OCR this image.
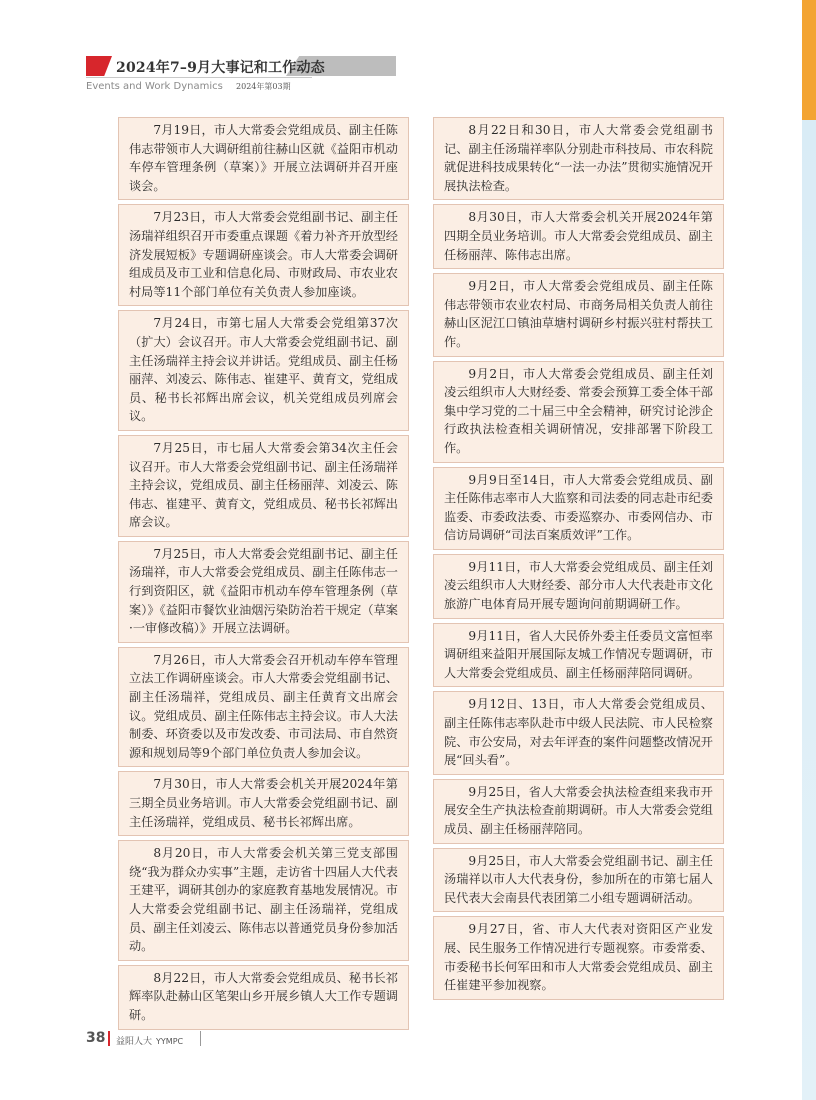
2024年7–9月大事记和工作动态
Events and Work Dynamics 2024年第03期
7月19日，市人大常委会党组成员、副主任陈伟志带领市人大调研组前往赫山区就《益阳市机动车停车管理条例（草案）》开展立法调研并召开座谈会。
7月23日，市人大常委会党组副书记、副主任汤瑞祥组织召开市委重点课题《着力补齐开放型经济发展短板》专题调研座谈会。市人大常委会调研组成员及市工业和信息化局、市财政局、市农业农村局等11个部门单位有关负责人参加座谈。
7月24日，市第七届人大常委会党组第37次（扩大）会议召开。市人大常委会党组副书记、副主任汤瑞祥主持会议并讲话。党组成员、副主任杨丽萍、刘凌云、陈伟志、崔建平、黄育文，党组成员、秘书长祁辉出席会议，机关党组成员列席会议。
7月25日，市七届人大常委会第34次主任会议召开。市人大常委会党组副书记、副主任汤瑞祥主持会议，党组成员、副主任杨丽萍、刘凌云、陈伟志、崔建平、黄育文，党组成员、秘书长祁辉出席会议。
7月25日，市人大常委会党组副书记、副主任汤瑞祥，市人大常委会党组成员、副主任陈伟志一行到资阳区，就《益阳市机动车停车管理条例（草案）》《益阳市餐饮业油烟污染防治若干规定（草案·一审修改稿）》开展立法调研。
7月26日，市人大常委会召开机动车停车管理立法工作调研座谈会。市人大常委会党组副书记、副主任汤瑞祥，党组成员、副主任黄育文出席会议。党组成员、副主任陈伟志主持会议。市人大法制委、环资委以及市发改委、市司法局、市自然资源和规划局等9个部门单位负责人参加会议。
7月30日，市人大常委会机关开展2024年第三期全员业务培训。市人大常委会党组副书记、副主任汤瑞祥，党组成员、秘书长祁辉出席。
8月20日，市人大常委会机关第三党支部围绕“我为群众办实事”主题，走访省十四届人大代表王建平，调研其创办的家庭教育基地发展情况。市人大常委会党组副书记、副主任汤瑞祥，党组成员、副主任刘凌云、陈伟志以普通党员身份参加活动。
8月22日，市人大常委会党组成员、秘书长祁辉率队赴赫山区笔架山乡开展乡镇人大工作专题调研。
8月22日和30日，市人大常委会党组副书记、副主任汤瑞祥率队分别赴市科技局、市农科院就促进科技成果转化“一法一办法”贯彻实施情况开展执法检查。
8月30日，市人大常委会机关开展2024年第四期全员业务培训。市人大常委会党组成员、副主任杨丽萍、陈伟志出席。
9月2日，市人大常委会党组成员、副主任陈伟志带领市农业农村局、市商务局相关负责人前往赫山区泥江口镇油草塘村调研乡村振兴驻村帮扶工作。
9月2日，市人大常委会党组成员、副主任刘凌云组织市人大财经委、常委会预算工委全体干部集中学习党的二十届三中全会精神，研究讨论涉企行政执法检查相关调研情况，安排部署下阶段工作。
9月9日至14日，市人大常委会党组成员、副主任陈伟志率市人大监察和司法委的同志赴市纪委监委、市委政法委、市委巡察办、市委网信办、市信访局调研“司法百案质效评”工作。
9月11日，市人大常委会党组成员、副主任刘凌云组织市人大财经委、部分市人大代表赴市文化旅游广电体育局开展专题询问前期调研工作。
9月11日，省人大民侨外委主任委员文富恒率调研组来益阳开展国际友城工作情况专题调研，市人大常委会党组成员、副主任杨丽萍陪同调研。
9月12日、13日，市人大常委会党组成员、副主任陈伟志率队赴市中级人民法院、市人民检察院、市公安局，对去年评查的案件问题整改情况开展“回头看”。
9月25日，省人大常委会执法检查组来我市开展安全生产执法检查前期调研。市人大常委会党组成员、副主任杨丽萍陪同。
9月25日，市人大常委会党组副书记、副主任汤瑞祥以市人大代表身份，参加所在的市第七届人民代表大会南县代表团第二小组专题调研活动。
9月27日，省、市人大代表对资阳区产业发展、民生服务工作情况进行专题视察。市委常委、市委秘书长何军田和市人大常委会党组成员、副主任崔建平参加视察。
38 益阳人大 YYMPC
